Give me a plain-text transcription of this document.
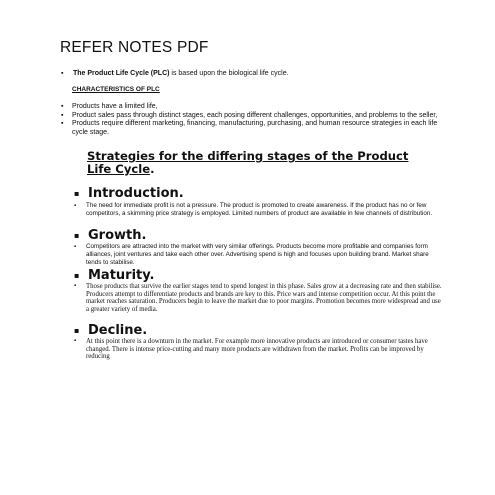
REFER NOTES PDF
▪ The Product Life Cycle (PLC) is based upon the biological life cycle.
CHARACTERISTICS OF PLC
▪ Products have a limited life,
▪ Product sales pass through distinct stages, each posing different challenges, opportunities, and problems to the seller,
▪ Products require different marketing, financing, manufacturing, purchasing, and human resource strategies in each life cycle stage.
Strategies for the differing stages of the Product Life Cycle.
▪ Introduction.
▪	The need for immediate profit is not a pressure. The product is promoted to create awareness. If the product has no or few competitors, a skimming price strategy is employed. Limited numbers of product are available in few channels of distribution.
▪ Growth.
▪	Competitors are attracted into the market with very similar offerings. Products become more profitable and companies form alliances, joint ventures and take each other over. Advertising spend is high and focuses upon building brand. Market share tends to stabilise.
▪ Maturity.
▪	Those products that survive the earlier stages tend to spend longest in this phase. Sales grow at a decreasing rate and then stabilise. Producers attempt to differentiate products and brands are key to this. Price wars and intense competition occur. At this point the market reaches saturation. Producers begin to leave the market due to poor margins. Promotion becomes more widespread and use a greater variety of media.
▪ Decline.
▪	At this point there is a downturn in the market. For example more innovative products are introduced or consumer tastes have changed. There is intense price-cutting and many more products are withdrawn from the market. Profits can be improved by reducing
